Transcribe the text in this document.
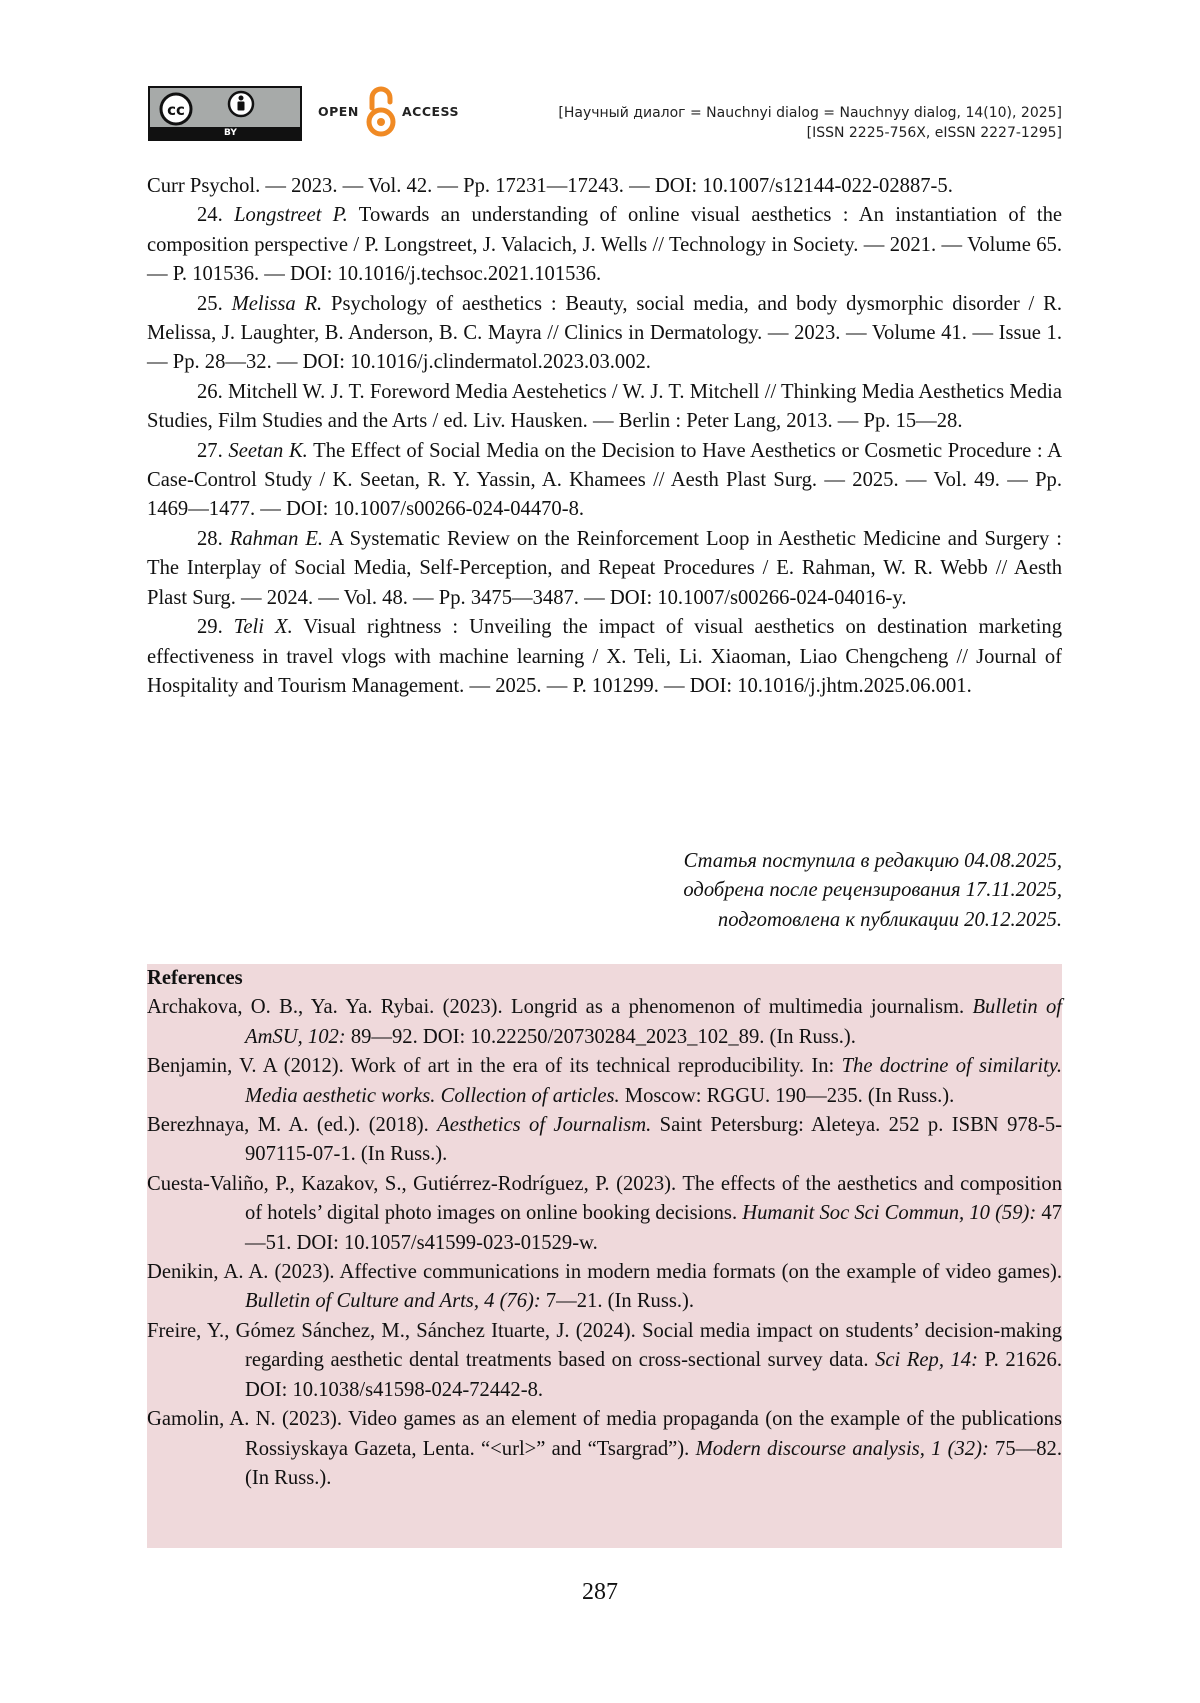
cc
BY
OPEN	ACCESS	[Научный диалог = Nauchnyi dialog = Nauchnyy dialog, 14(10), 2025]
[ISSN 2225-756X, eISSN 2227-1295]

Curr Psychol. — 2023. — Vol. 42. — Pp. 17231—17243. — DOI: 10.1007/s12144-022-02887-5.

24. Longstreet P. Towards an understanding of online visual aesthetics : An instantiation of the composition perspective / P. Longstreet, J. Valacich, J. Wells // Technology in Society. — 2021. — Volume 65. — P. 101536. — DOI: 10.1016/j.techsoc.2021.101536.

25. Melissa R. Psychology of aesthetics : Beauty, social media, and body dysmorphic disorder / R. Melissa, J. Laughter, B. Anderson, B. C. Mayra // Clinics in Dermatology. — 2023. — Volume 41. — Issue 1. — Pp. 28—32. — DOI: 10.1016/j.clindermatol.2023.03.002.

26. Mitchell W. J. T. Foreword Media Aestehetics / W. J. T. Mitchell // Thinking Media Aesthetics Media Studies, Film Studies and the Arts / ed. Liv. Hausken. — Berlin : Peter Lang, 2013. — Pp. 15—28.

27. Seetan K. The Effect of Social Media on the Decision to Have Aesthetics or Cosmetic Procedure : A Case-Control Study / K. Seetan, R. Y. Yassin, A. Khamees // Aesth Plast Surg. — 2025. — Vol. 49. — Pp. 1469—1477. — DOI: 10.1007/s00266-024-04470-8.

28. Rahman E. A Systematic Review on the Reinforcement Loop in Aesthetic Medicine and Surgery : The Interplay of Social Media, Self-Perception, and Repeat Procedures / E. Rahman, W. R. Webb // Aesth Plast Surg. — 2024. — Vol. 48. — Pp. 3475—3487. — DOI: 10.1007/s00266-024-04016-y.

29. Teli X. Visual rightness : Unveiling the impact of visual aesthetics on destination marketing effectiveness in travel vlogs with machine learning / X. Teli, Li. Xiaoman, Liao Chengcheng // Journal of Hospitality and Tourism Management. — 2025. — P. 101299. — DOI: 10.1016/j.jhtm.2025.06.001.

Статья поступила в редакцию 04.08.2025,
одобрена после рецензирования 17.11.2025,
подготовлена к публикации 20.12.2025.
References

Archakova, O. B., Ya. Ya. Rybai. (2023). Longrid as a phenomenon of multimedia journalism. Bulletin of AmSU, 102: 89—92. DOI: 10.22250/20730284_2023_102_89. (In Russ.).

Benjamin, V. A (2012). Work of art in the era of its technical reproducibility. In: The doctrine of similarity. Media aesthetic works. Collection of articles. Moscow: RGGU. 190—235. (In Russ.).

Berezhnaya, M. A. (ed.). (2018). Aesthetics of Journalism. Saint Petersburg: Aleteya. 252 p. ISBN 978-5-907115-07-1. (In Russ.).

Cuesta-Valiño, P., Kazakov, S., Gutiérrez-Rodríguez, P. (2023). The effects of the aesthetics and composition of hotels’ digital photo images on online booking decisions. Humanit Soc Sci Commun, 10 (59): 47—51. DOI: 10.1057/s41599-023-01529-w.

Denikin, A. A. (2023). Affective communications in modern media formats (on the example of video games). Bulletin of Culture and Arts, 4 (76): 7—21. (In Russ.).

Freire, Y., Gómez Sánchez, M., Sánchez Ituarte, J. (2024). Social media impact on students’ decision-making regarding aesthetic dental treatments based on cross-sectional survey data. Sci Rep, 14: P. 21626. DOI: 10.1038/s41598-024-72442-8.

Gamolin, A. N. (2023). Video games as an element of media propaganda (on the example of the publications Rossiyskaya Gazeta, Lenta. “<url>” and “Tsargrad”). Modern discourse analysis, 1 (32): 75—82. (In Russ.).

287
